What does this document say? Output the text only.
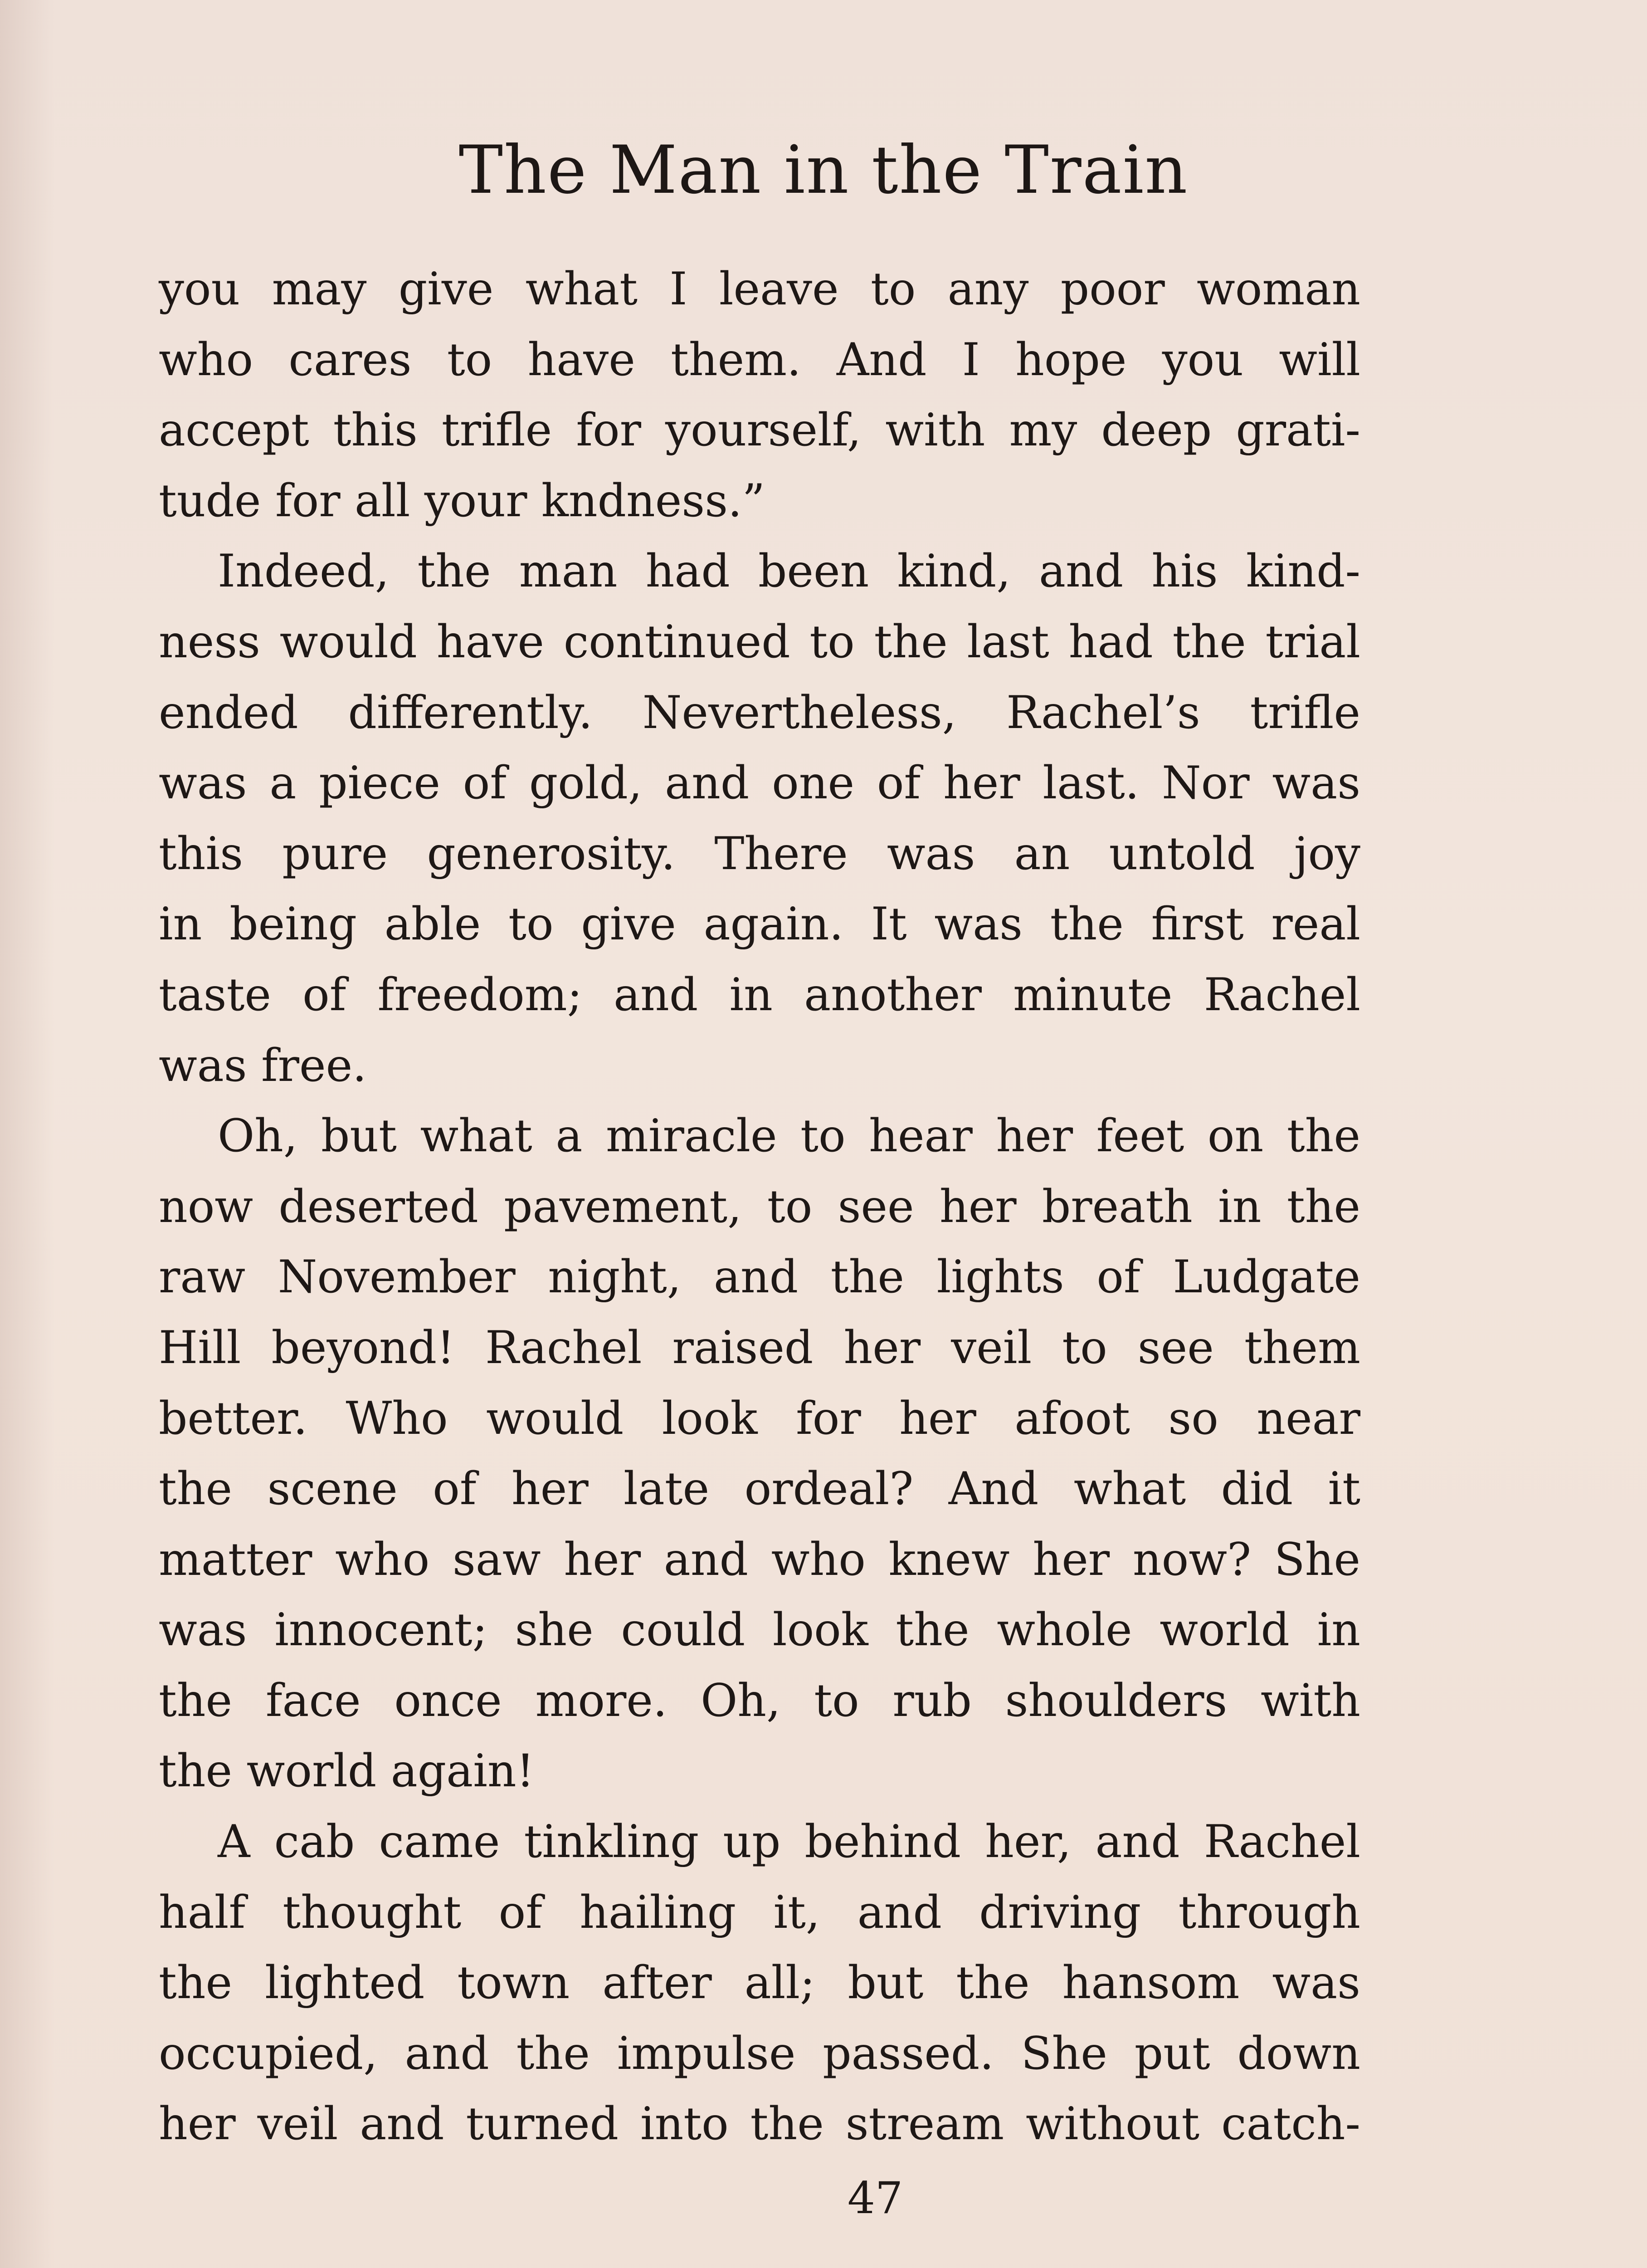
The Man in the Train
you may give what I leave to any poor woman
who cares to have them. And I hope you will
accept this trifle for yourself, with my deep grati-
tude for all your kndness.”
Indeed, the man had been kind, and his kind-
ness would have continued to the last had the trial
ended differently. Nevertheless, Rachel’s trifle
was a piece of gold, and one of her last. Nor was
this pure generosity. There was an untold joy
in being able to give again. It was the first real
taste of freedom; and in another minute Rachel
was free.
Oh, but what a miracle to hear her feet on the
now deserted pavement, to see her breath in the
raw November night, and the lights of Ludgate
Hill beyond! Rachel raised her veil to see them
better. Who would look for her afoot so near
the scene of her late ordeal? And what did it
matter who saw her and who knew her now? She
was innocent; she could look the whole world in
the face once more. Oh, to rub shoulders with
the world again!
A cab came tinkling up behind her, and Rachel
half thought of hailing it, and driving through
the lighted town after all; but the hansom was
occupied, and the impulse passed. She put down
her veil and turned into the stream without catch-
47
